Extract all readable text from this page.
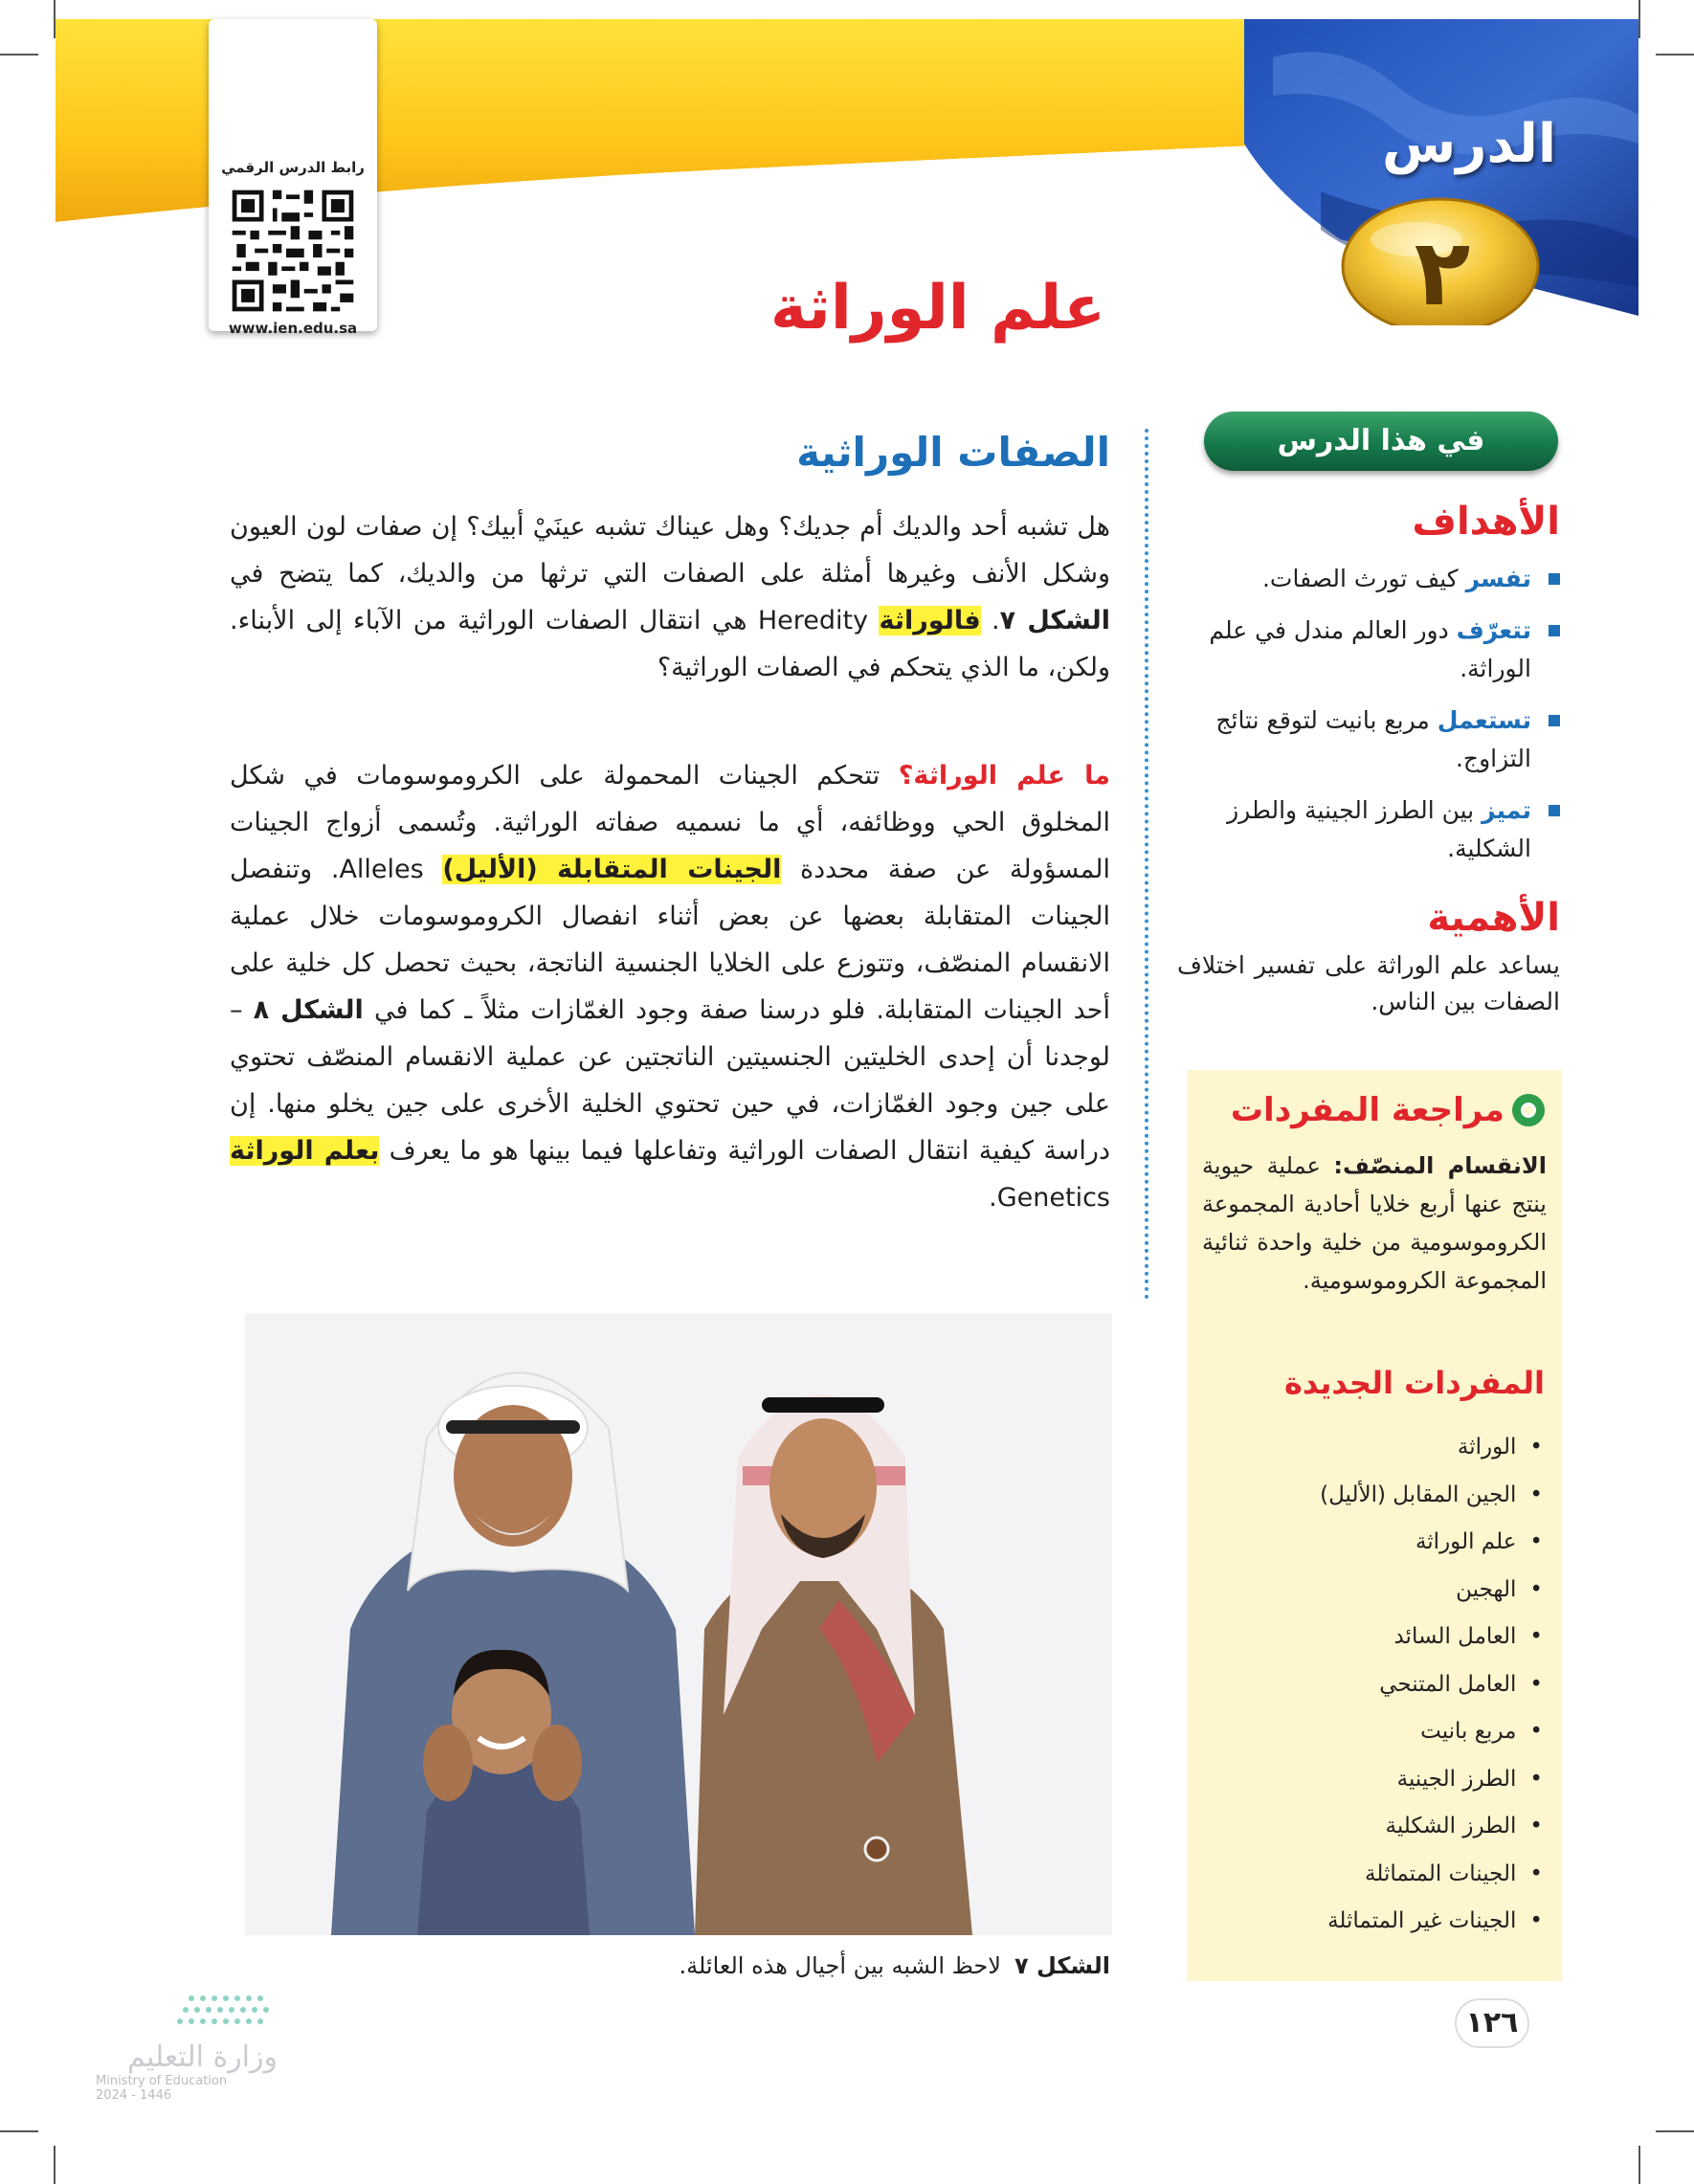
الدرس
٢
رابط الدرس الرقمي
www.ien.edu.sa	علم الوراثة
في هذا الدرس
الأهداف
تفسر كيف تورث الصفات.
تتعرّف دور العالم مندل في علم الوراثة.
تستعمل مربع بانيت لتوقع نتائج التزاوج.
تميز بين الطرز الجينية والطرز الشكلية.
الأهمية
يساعد علم الوراثة على تفسير اختلاف الصفات بين الناس.
مراجعة المفردات
الانقسام المنصّف: عملية حيوية ينتج عنها أربع خلايا أحادية المجموعة الكروموسومية من خلية واحدة ثنائية المجموعة الكروموسومية.
المفردات الجديدة
• الوراثة
• الجين المقابل (الأليل)
• علم الوراثة
• الهجين
• العامل السائد
• العامل المتنحي
• مربع بانيت
• الطرز الجينية
• الطرز الشكلية
• الجينات المتماثلة
• الجينات غير المتماثلة
الصفات الوراثية
هل تشبه أحد والديك أم جديك؟ وهل عيناك تشبه عينَيْ أبيك؟ إن صفات لون العيون وشكل الأنف وغيرها أمثلة على الصفات التي ترثها من والديك، كما يتضح في الشكل ٧. فالوراثة Heredity هي انتقال الصفات الوراثية من الآباء إلى الأبناء. ولكن، ما الذي يتحكم في الصفات الوراثية؟
ما علم الوراثة؟ تتحكم الجينات المحمولة على الكروموسومات في شكل المخلوق الحي ووظائفه، أي ما نسميه صفاته الوراثية. وتُسمى أزواج الجينات المسؤولة عن صفة محددة الجينات المتقابلة (الأليل) Alleles. وتنفصل الجينات المتقابلة بعضها عن بعض أثناء انفصال الكروموسومات خلال عملية الانقسام المنصّف، وتتوزع على الخلايا الجنسية الناتجة، بحيث تحصل كل خلية على أحد الجينات المتقابلة. فلو درسنا صفة وجود الغمّازات مثلاً ـ كما في الشكل ٨ – لوجدنا أن إحدى الخليتين الجنسيتين الناتجتين عن عملية الانقسام المنصّف تحتوي على جين وجود الغمّازات، في حين تحتوي الخلية الأخرى على جين يخلو منها. إن دراسة كيفية انتقال الصفات الوراثية وتفاعلها فيما بينها هو ما يعرف بعلم الوراثة Genetics.
الشكل ٧لاحظ الشبه بين أجيال هذه العائلة.
١٢٦
وزارة التعليم
Ministry of Education
2024 - 1446
